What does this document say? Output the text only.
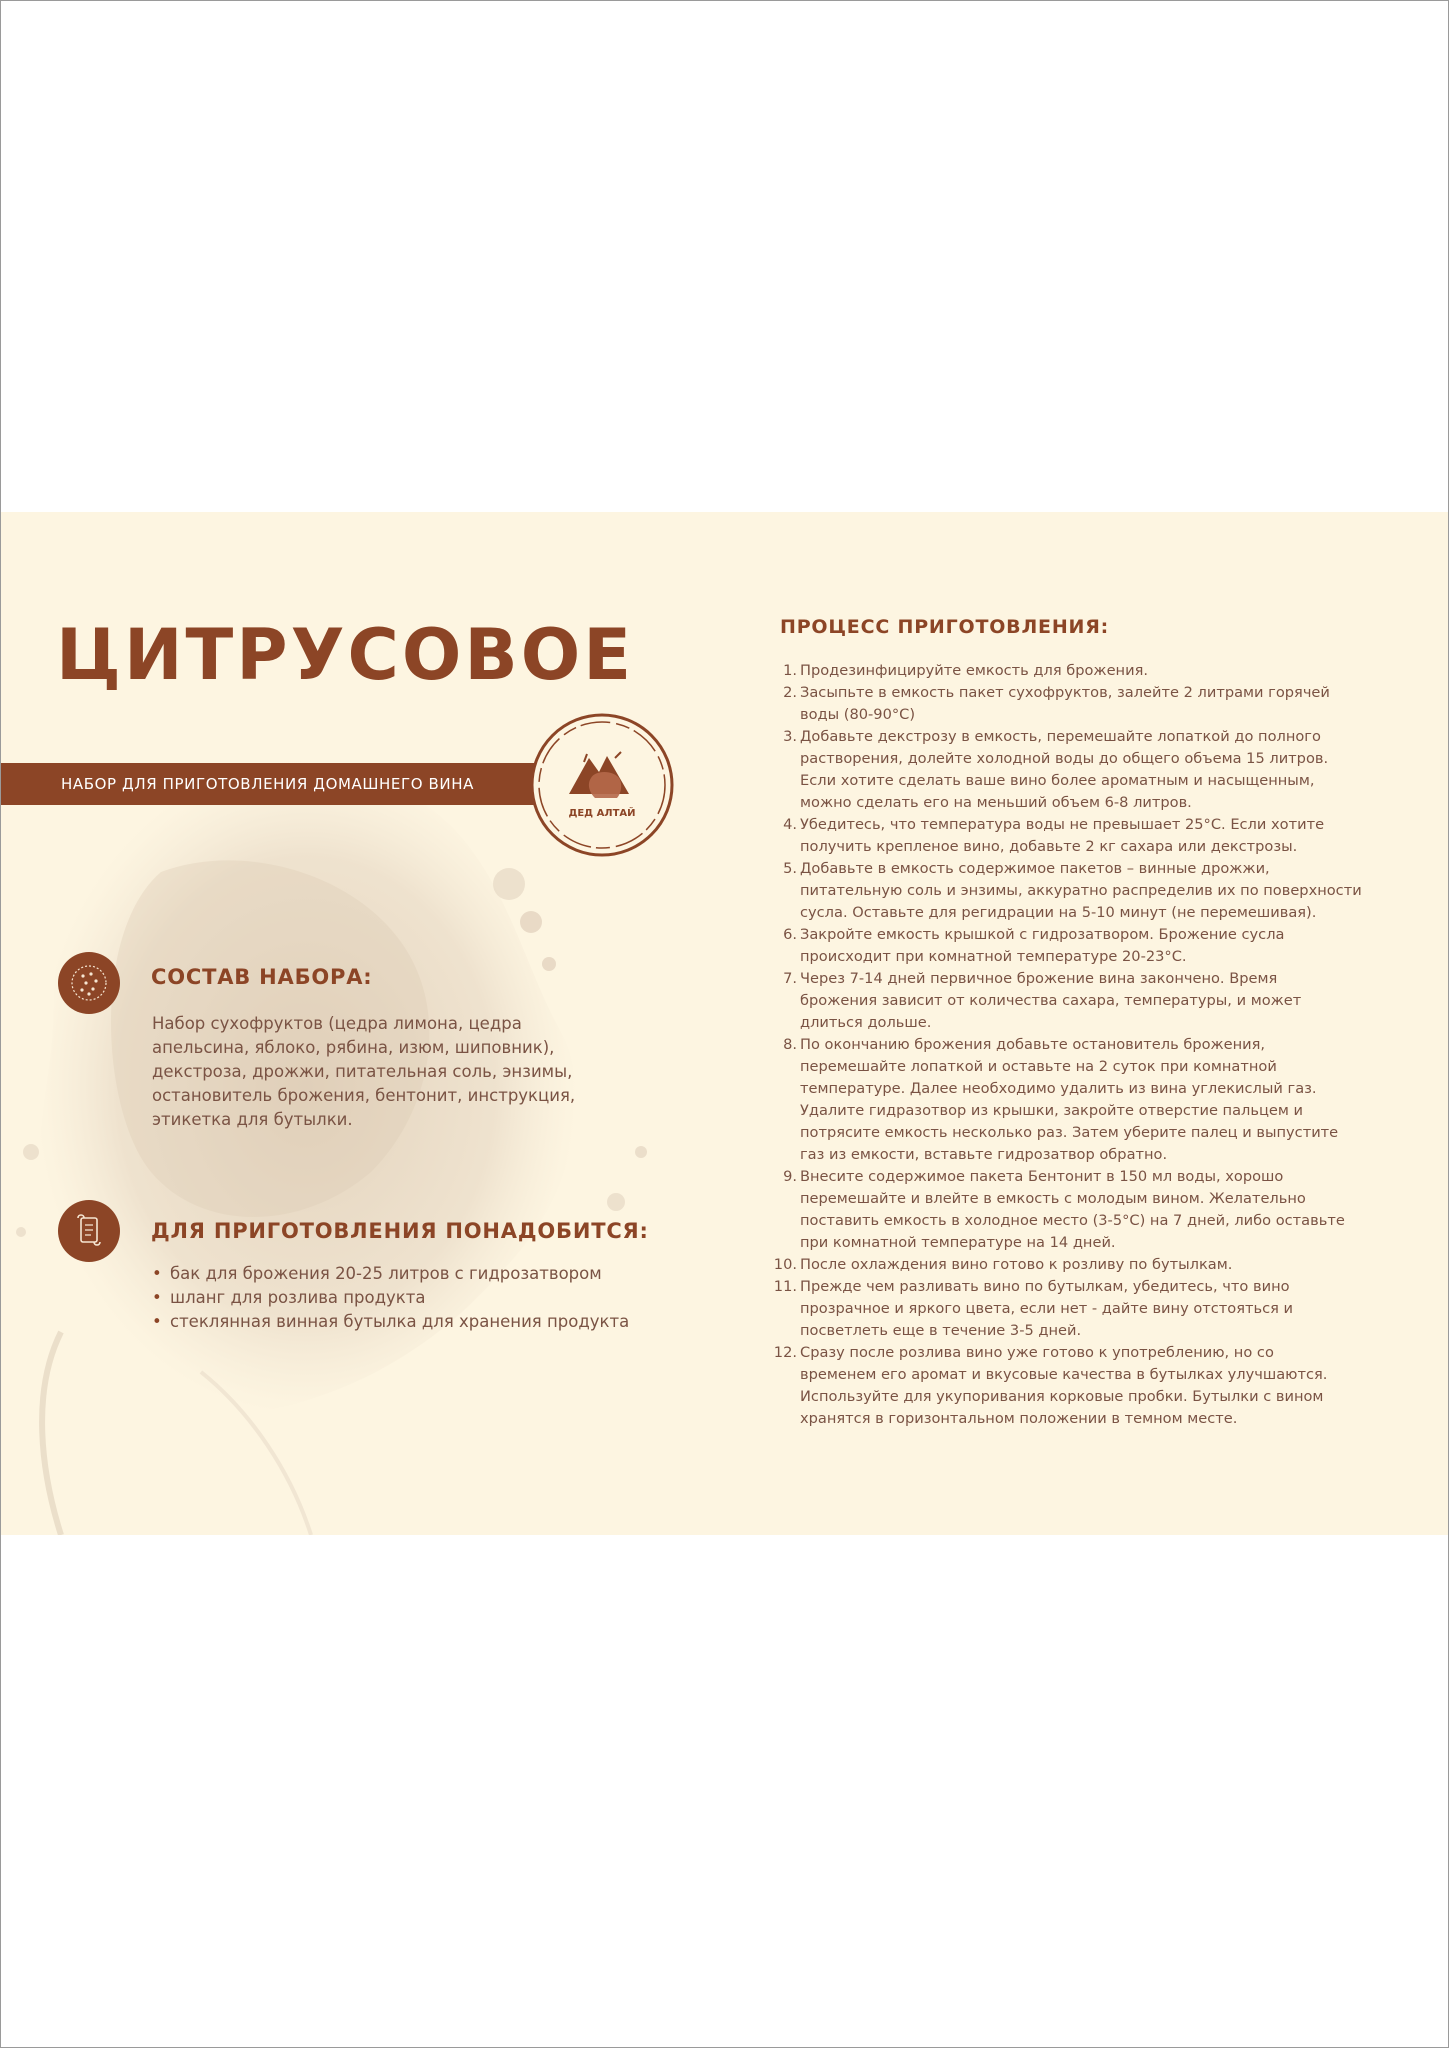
ЦИТРУСОВОЕ
НАБОР ДЛЯ ПРИГОТОВЛЕНИЯ ДОМАШНЕГО ВИНА
ДЕД АЛТАЙ
СОСТАВ НАБОРА:
Набор сухофруктов (цедра лимона, цедра
апельсина, яблоко, рябина, изюм, шиповник),
декстроза, дрожжи, питательная соль, энзимы,
остановитель брожения, бентонит, инструкция,
этикетка для бутылки.
ДЛЯ ПРИГОТОВЛЕНИЯ ПОНАДОБИТСЯ:
• бак для брожения 20-25 литров с гидрозатвором
• шланг для розлива продукта
• стеклянная винная бутылка для хранения продукта
ПРОЦЕСС ПРИГОТОВЛЕНИЯ:
1. Продезинфицируйте емкость для брожения.
2. Засыпьте в емкость пакет сухофруктов, залейте 2 литрами горячей
воды (80-90°С)
3. Добавьте декстрозу в емкость, перемешайте лопаткой до полного
растворения, долейте холодной воды до общего объема 15 литров.
Если хотите сделать ваше вино более ароматным и насыщенным,
можно сделать его на меньший объем 6-8 литров.
4. Убедитесь, что температура воды не превышает 25°С. Если хотите
получить крепленое вино, добавьте 2 кг сахара или декстрозы.
5. Добавьте в емкость содержимое пакетов – винные дрожжи,
питательную соль и энзимы, аккуратно распределив их по поверхности
сусла. Оставьте для регидрации на 5-10 минут (не перемешивая).
6. Закройте емкость крышкой с гидрозатвором. Брожение сусла
происходит при комнатной температуре 20-23°С.
7. Через 7-14 дней первичное брожение вина закончено. Время
брожения зависит от количества сахара, температуры, и может
длиться дольше.
8. По окончанию брожения добавьте остановитель брожения,
перемешайте лопаткой и оставьте на 2 суток при комнатной
температуре. Далее необходимо удалить из вина углекислый газ.
Удалите гидразотвор из крышки, закройте отверстие пальцем и
потрясите емкость несколько раз. Затем уберите палец и выпустите
газ из емкости, вставьте гидрозатвор обратно.
9. Внесите содержимое пакета Бентонит в 150 мл воды, хорошо
перемешайте и влейте в емкость с молодым вином. Желательно
поставить емкость в холодное место (3-5°С) на 7 дней, либо оставьте
при комнатной температуре на 14 дней.
10. После охлаждения вино готово к розливу по бутылкам.
11. Прежде чем разливать вино по бутылкам, убедитесь, что вино
прозрачное и яркого цвета, если нет - дайте вину отстояться и
посветлеть еще в течение 3-5 дней.
12. Сразу после розлива вино уже готово к употреблению, но со
временем его аромат и вкусовые качества в бутылках улучшаются.
Используйте для укупоривания корковые пробки. Бутылки с вином
хранятся в горизонтальном положении в темном месте.
